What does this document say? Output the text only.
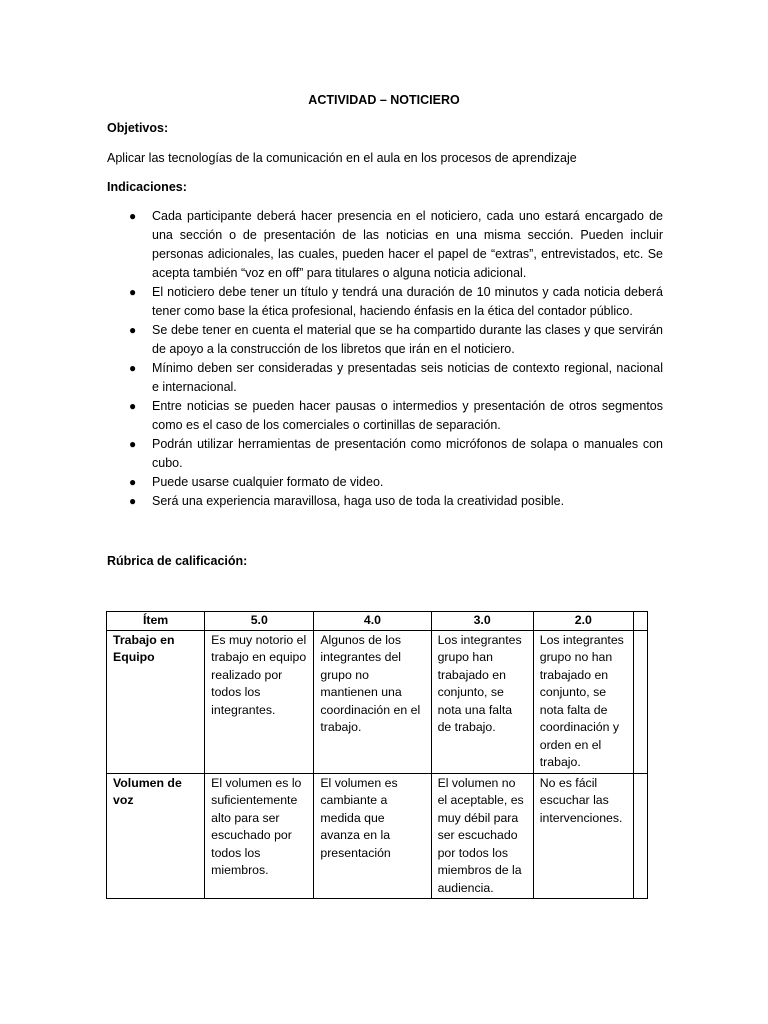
ACTIVIDAD – NOTICIERO
Objetivos:
Aplicar las tecnologías de la comunicación en el aula en los procesos de aprendizaje
Indicaciones:
● Cada participante deberá hacer presencia en el noticiero, cada uno estará encargado de una sección o de presentación de las noticias en una misma sección. Pueden incluir personas adicionales, las cuales, pueden hacer el papel de “extras”, entrevistados, etc. Se acepta también “voz en off” para titulares o alguna noticia adicional.
● El noticiero debe tener un título y tendrá una duración de 10 minutos y cada noticia deberá tener como base la ética profesional, haciendo énfasis en la ética del contador público.
● Se debe tener en cuenta el material que se ha compartido durante las clases y que servirán de apoyo a la construcción de los libretos que irán en el noticiero.
● Mínimo deben ser consideradas y presentadas seis noticias de contexto regional, nacional e internacional.
● Entre noticias se pueden hacer pausas o intermedios y presentación de otros segmentos como es el caso de los comerciales o cortinillas de separación.
● Podrán utilizar herramientas de presentación como micrófonos de solapa o manuales con cubo.
● Puede usarse cualquier formato de video.
● Será una experiencia maravillosa, haga uso de toda la creatividad posible.
Rúbrica de calificación:
Ítem	5.0	4.0	3.0	2.0	
Trabajo en Equipo	Es muy notorio el trabajo en equipo realizado por todos los integrantes.	Algunos de los integrantes del grupo no mantienen una coordinación en el trabajo.	Los integrantes grupo han trabajado en conjunto, se nota una falta de trabajo.	Los integrantes grupo no han trabajado en conjunto, se nota falta de coordinación y orden en el trabajo.	
Volumen de voz	El volumen es lo suficientemente alto para ser escuchado por todos los miembros.	El volumen es cambiante a medida que avanza en la presentación	El volumen no el aceptable, es muy débil para ser escuchado por todos los miembros de la audiencia.	No es fácil escuchar las intervenciones.	
